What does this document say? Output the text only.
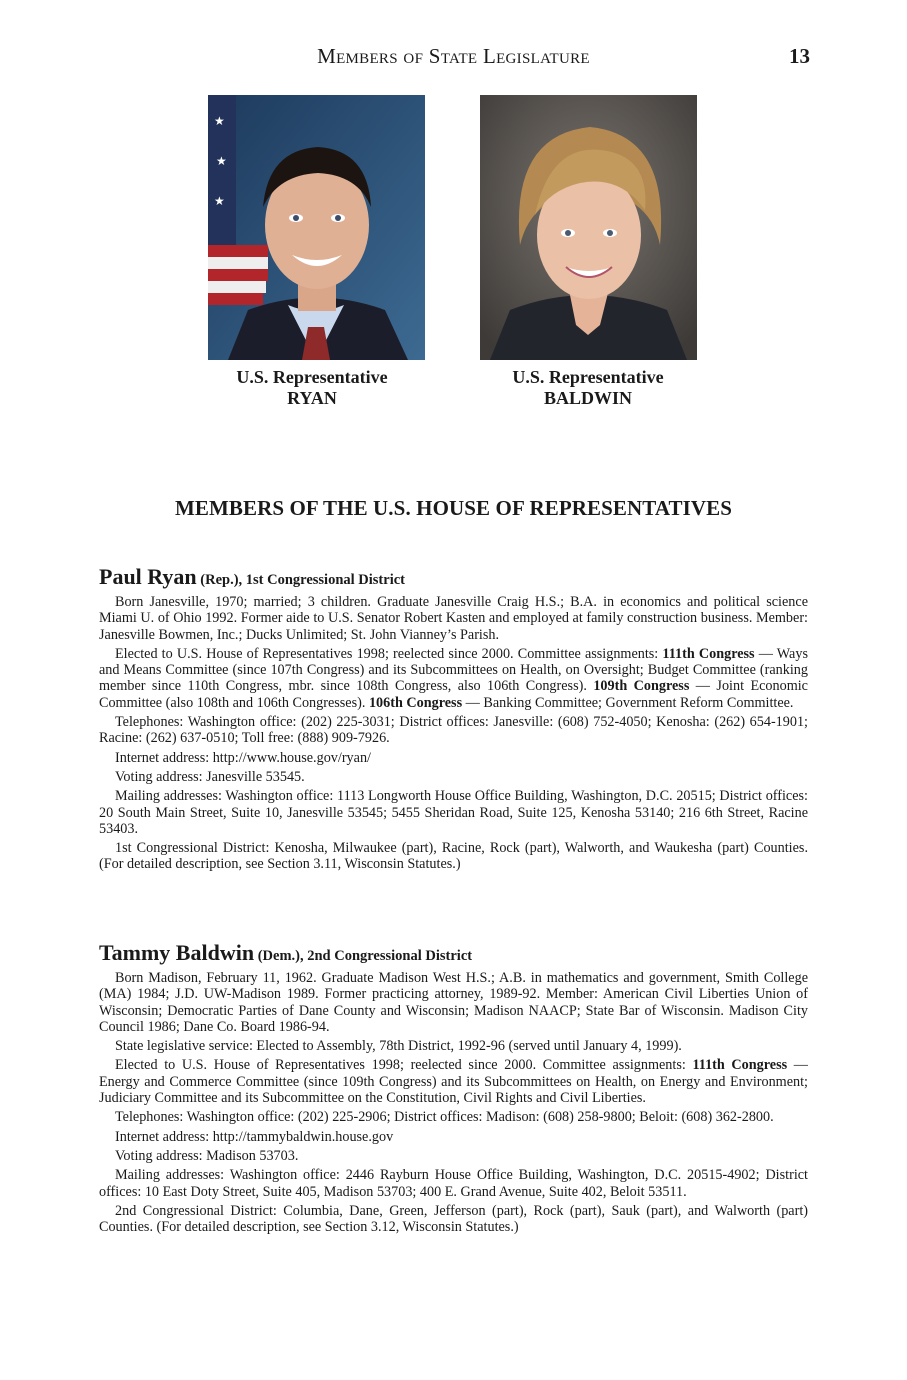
Members of State Legislature	13
★
★
★
U.S. Representative
RYAN
U.S. Representative
BALDWIN
MEMBERS OF THE U.S. HOUSE OF REPRESENTATIVES
Paul Ryan (Rep.), 1st Congressional District

Born Janesville, 1970; married; 3 children. Graduate Janesville Craig H.S.; B.A. in economics and political science Miami U. of Ohio 1992. Former aide to U.S. Senator Robert Kasten and employed at family construction business. Member: Janesville Bowmen, Inc.; Ducks Unlimited; St. John Vianney’s Parish.

Elected to U.S. House of Representatives 1998; reelected since 2000. Committee assignments: 111th Congress — Ways and Means Committee (since 107th Congress) and its Subcommittees on Health, on Oversight; Budget Committee (ranking member since 110th Congress, mbr. since 108th Congress, also 106th Congress). 109th Congress — Joint Economic Committee (also 108th and 106th Congresses). 106th Congress — Banking Committee; Government Reform Committee.

Telephones: Washington office: (202) 225-3031; District offices: Janesville: (608) 752-4050; Kenosha: (262) 654-1901; Racine: (262) 637-0510; Toll free: (888) 909-7926.

Internet address: http://www.house.gov/ryan/

Voting address: Janesville 53545.

Mailing addresses: Washington office: 1113 Longworth House Office Building, Washington, D.C. 20515; District offices: 20 South Main Street, Suite 10, Janesville 53545; 5455 Sheridan Road, Suite 125, Kenosha 53140; 216 6th Street, Racine 53403.

1st Congressional District: Kenosha, Milwaukee (part), Racine, Rock (part), Walworth, and Waukesha (part) Counties. (For detailed description, see Section 3.11, Wisconsin Statutes.)

Tammy Baldwin (Dem.), 2nd Congressional District

Born Madison, February 11, 1962. Graduate Madison West H.S.; A.B. in mathematics and government, Smith College (MA) 1984; J.D. UW-Madison 1989. Former practicing attorney, 1989-92. Member: American Civil Liberties Union of Wisconsin; Democratic Parties of Dane County and Wisconsin; Madison NAACP; State Bar of Wisconsin. Madison City Council 1986; Dane Co. Board 1986-94.

State legislative service: Elected to Assembly, 78th District, 1992-96 (served until January 4, 1999).

Elected to U.S. House of Representatives 1998; reelected since 2000. Committee assignments: 111th Congress — Energy and Commerce Committee (since 109th Congress) and its Subcommittees on Health, on Energy and Environment; Judiciary Committee and its Subcommittee on the Constitution, Civil Rights and Civil Liberties.

Telephones: Washington office: (202) 225-2906; District offices: Madison: (608) 258-9800; Beloit: (608) 362-2800.

Internet address: http://tammybaldwin.house.gov

Voting address: Madison 53703.

Mailing addresses: Washington office: 2446 Rayburn House Office Building, Washington, D.C. 20515-4902; District offices: 10 East Doty Street, Suite 405, Madison 53703; 400 E. Grand Avenue, Suite 402, Beloit 53511.

2nd Congressional District: Columbia, Dane, Green, Jefferson (part), Rock (part), Sauk (part), and Walworth (part) Counties. (For detailed description, see Section 3.12, Wisconsin Statutes.)
